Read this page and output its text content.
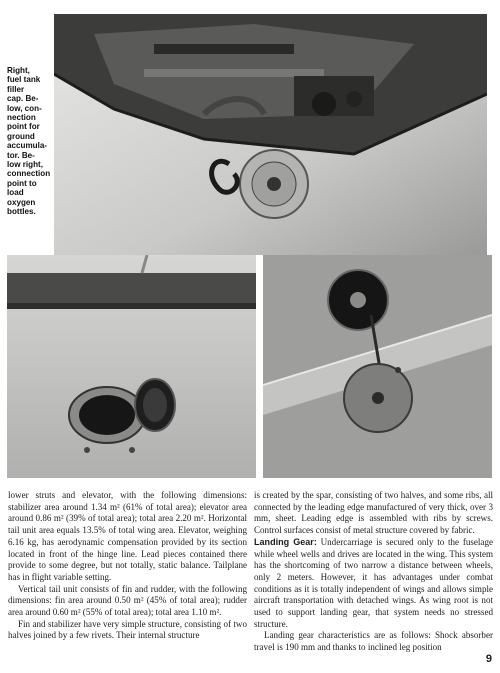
Right,
fuel tank
filler
cap. Be-
low, con-
nection
point for
ground
accumula-
tor. Be-
low right,
connection
point to
load
oxygen
bottles.

lower struts and elevator, with the following dimensions: stabilizer area around 1.34 m² (61% of total area); elevator area around 0.86 m² (39% of total area); total area 2.20 m². Horizontal tail unit area equals 13.5% of total wing area. Elevator, weighing 6.16 kg, has aerodynamic compensation provided by its section located in front of the hinge line. Lead pieces contained there provide to some degree, but not totally, static balance. Tailplane has in flight variable setting.

Vertical tail unit consists of fin and rudder, with the following dimensions: fin area around 0.50 m² (45% of total area); rudder area around 0.60 m² (55% of total area); total area 1.10 m².

Fin and stabilizer have very simple structure, consisting of two halves joined by a few rivets. Their internal structure

is created by the spar, consisting of two halves, and some ribs, all connected by the leading edge manufactured of very thick, over 3 mm, sheet. Leading edge is assembled with ribs by screws. Control surfaces consist of metal structure covered by fabric.

Landing Gear: Undercarriage is secured only to the fuselage while wheel wells and drives are located in the wing. This system has the shortcoming of two narrow a distance between wheels, only 2 meters. However, it has advantages under combat conditions as it is totally independent of wings and allows simple aircraft transportation with detached wings. As wing root is not used to support landing gear, that system needs no stressed structure.

Landing gear characteristics are as follows: Shock absorber travel is 190 mm and thanks to inclined leg position

9
